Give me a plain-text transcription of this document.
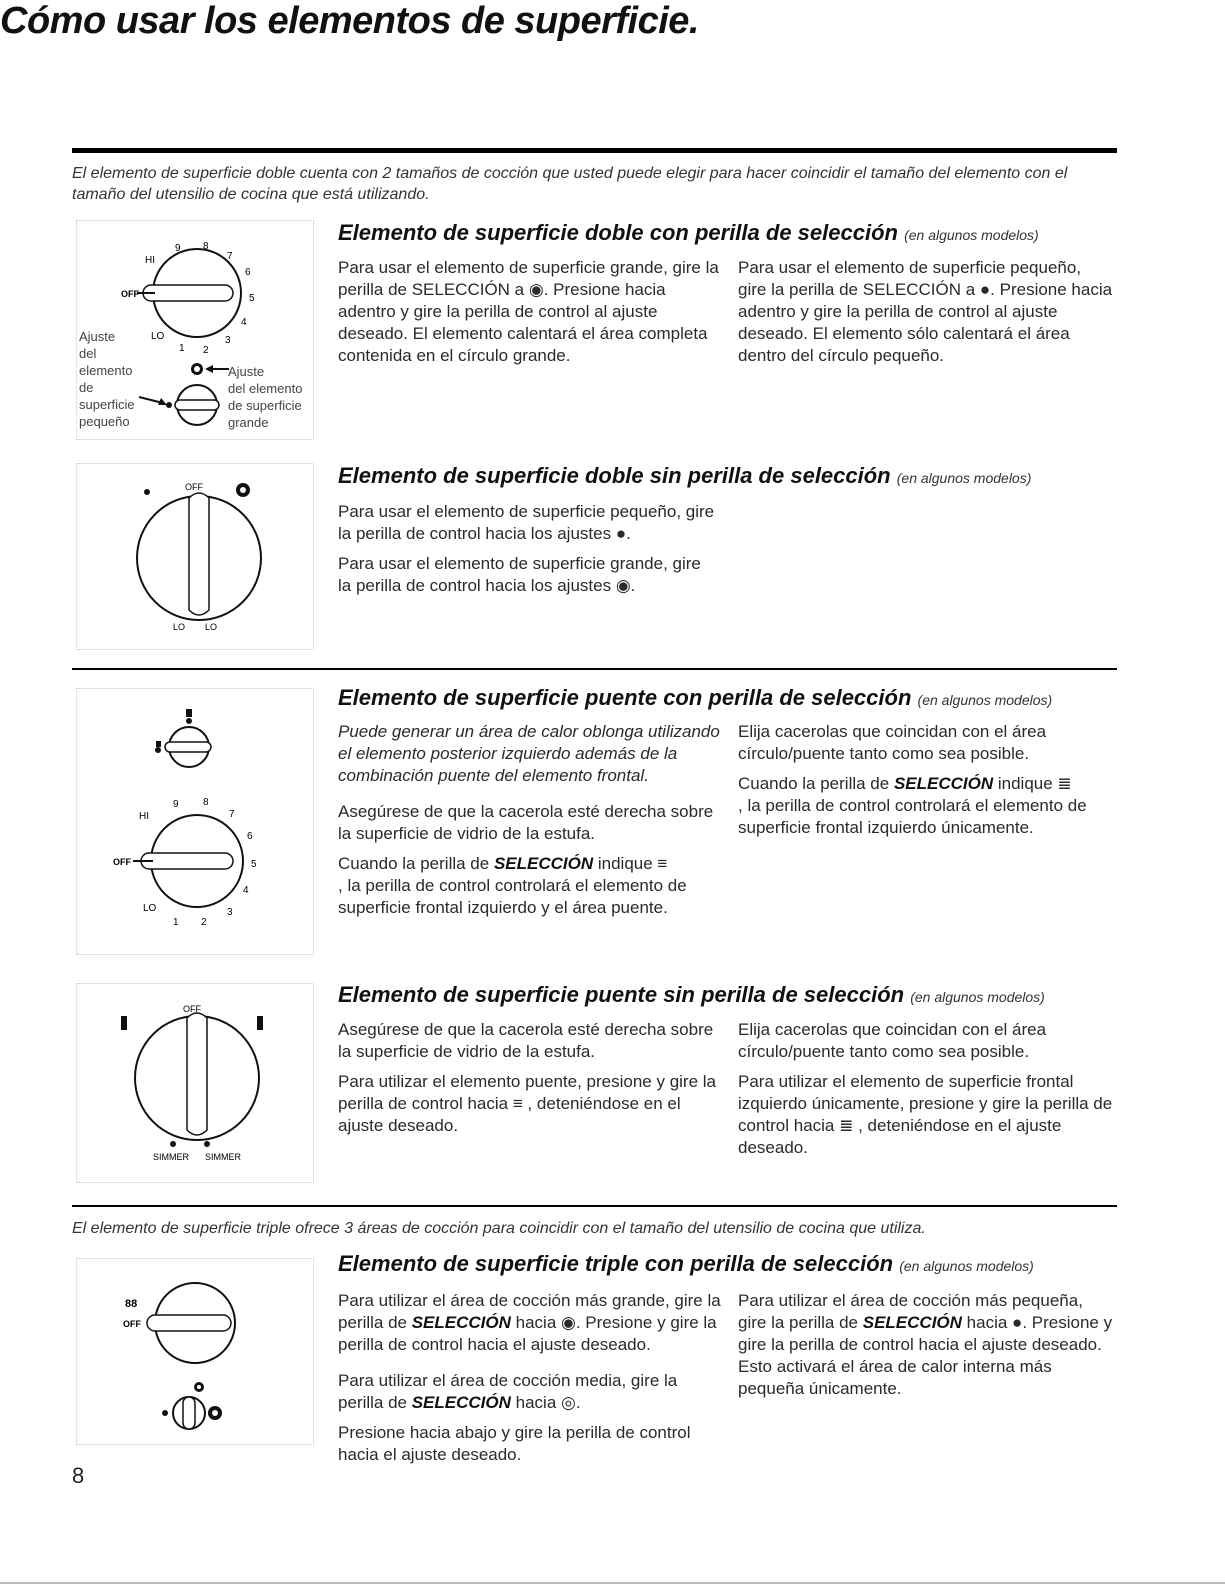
Cómo usar los elementos de superficie.
El elemento de superficie doble cuenta con 2 tamaños de cocción que usted puede elegir para hacer coincidir el tamaño del elemento con el tamaño del utensilio de cocina que está utilizando.
OFF
HI
9 8
7
6
5
4
3
2
1
LO
Ajuste
del
elemento
de
superficie
pequeño
Ajuste
del elemento
de superficie
grande
Elemento de superficie doble con perilla de selección (en algunos modelos)

Para usar el elemento de superficie grande, gire la perilla de SELECCIÓN a ◉. Presione hacia adentro y gire la perilla de control al ajuste deseado. El elemento calentará el área completa contenida en el círculo grande.

Para usar el elemento de superficie pequeño, gire la perilla de SELECCIÓN a ●. Presione hacia adentro y gire la perilla de control al ajuste deseado. El elemento sólo calentará el área dentro del círculo pequeño.

OFF
LO LO
Elemento de superficie doble sin perilla de selección (en algunos modelos)

Para usar el elemento de superficie pequeño, gire la perilla de control hacia los ajustes ●.

Para usar el elemento de superficie grande, gire la perilla de control hacia los ajustes ◉.

OFF
9 8
7
6
5
4
3
2
1
LO
HI
Elemento de superficie puente con perilla de selección (en algunos modelos)

Puede generar un área de calor oblonga utilizando el elemento posterior izquierdo además de la combinación puente del elemento frontal.

Asegúrese de que la cacerola esté derecha sobre la superficie de vidrio de la estufa.

Cuando la perilla de SELECCIÓN indique ≡
, la perilla de control controlará el elemento de superficie frontal izquierdo y el área puente.

Elija cacerolas que coincidan con el área círculo/puente tanto como sea posible.

Cuando la perilla de SELECCIÓN indique ≣
, la perilla de control controlará el elemento de superficie frontal izquierdo únicamente.

OFF
SIMMER SIMMER
Elemento de superficie puente sin perilla de selección (en algunos modelos)

Asegúrese de que la cacerola esté derecha sobre la superficie de vidrio de la estufa.

Para utilizar el elemento puente, presione y gire la perilla de control hacia ≡ , deteniéndose en el ajuste deseado.

Elija cacerolas que coincidan con el área círculo/puente tanto como sea posible.

Para utilizar el elemento de superficie frontal izquierdo únicamente, presione y gire la perilla de control hacia ≣ , deteniéndose en el ajuste deseado.

El elemento de superficie triple ofrece 3 áreas de cocción para coincidir con el tamaño del utensilio de cocina que utiliza.
OFF
88
Elemento de superficie triple con perilla de selección (en algunos modelos)

Para utilizar el área de cocción más grande, gire la perilla de SELECCIÓN hacia ◉. Presione y gire la perilla de control hacia el ajuste deseado.

Para utilizar el área de cocción media, gire la perilla de SELECCIÓN hacia ◎.

Presione hacia abajo y gire la perilla de control hacia el ajuste deseado.

Para utilizar el área de cocción más pequeña, gire la perilla de SELECCIÓN hacia ●. Presione y gire la perilla de control hacia el ajuste deseado. Esto activará el área de calor interna más pequeña únicamente.

8
